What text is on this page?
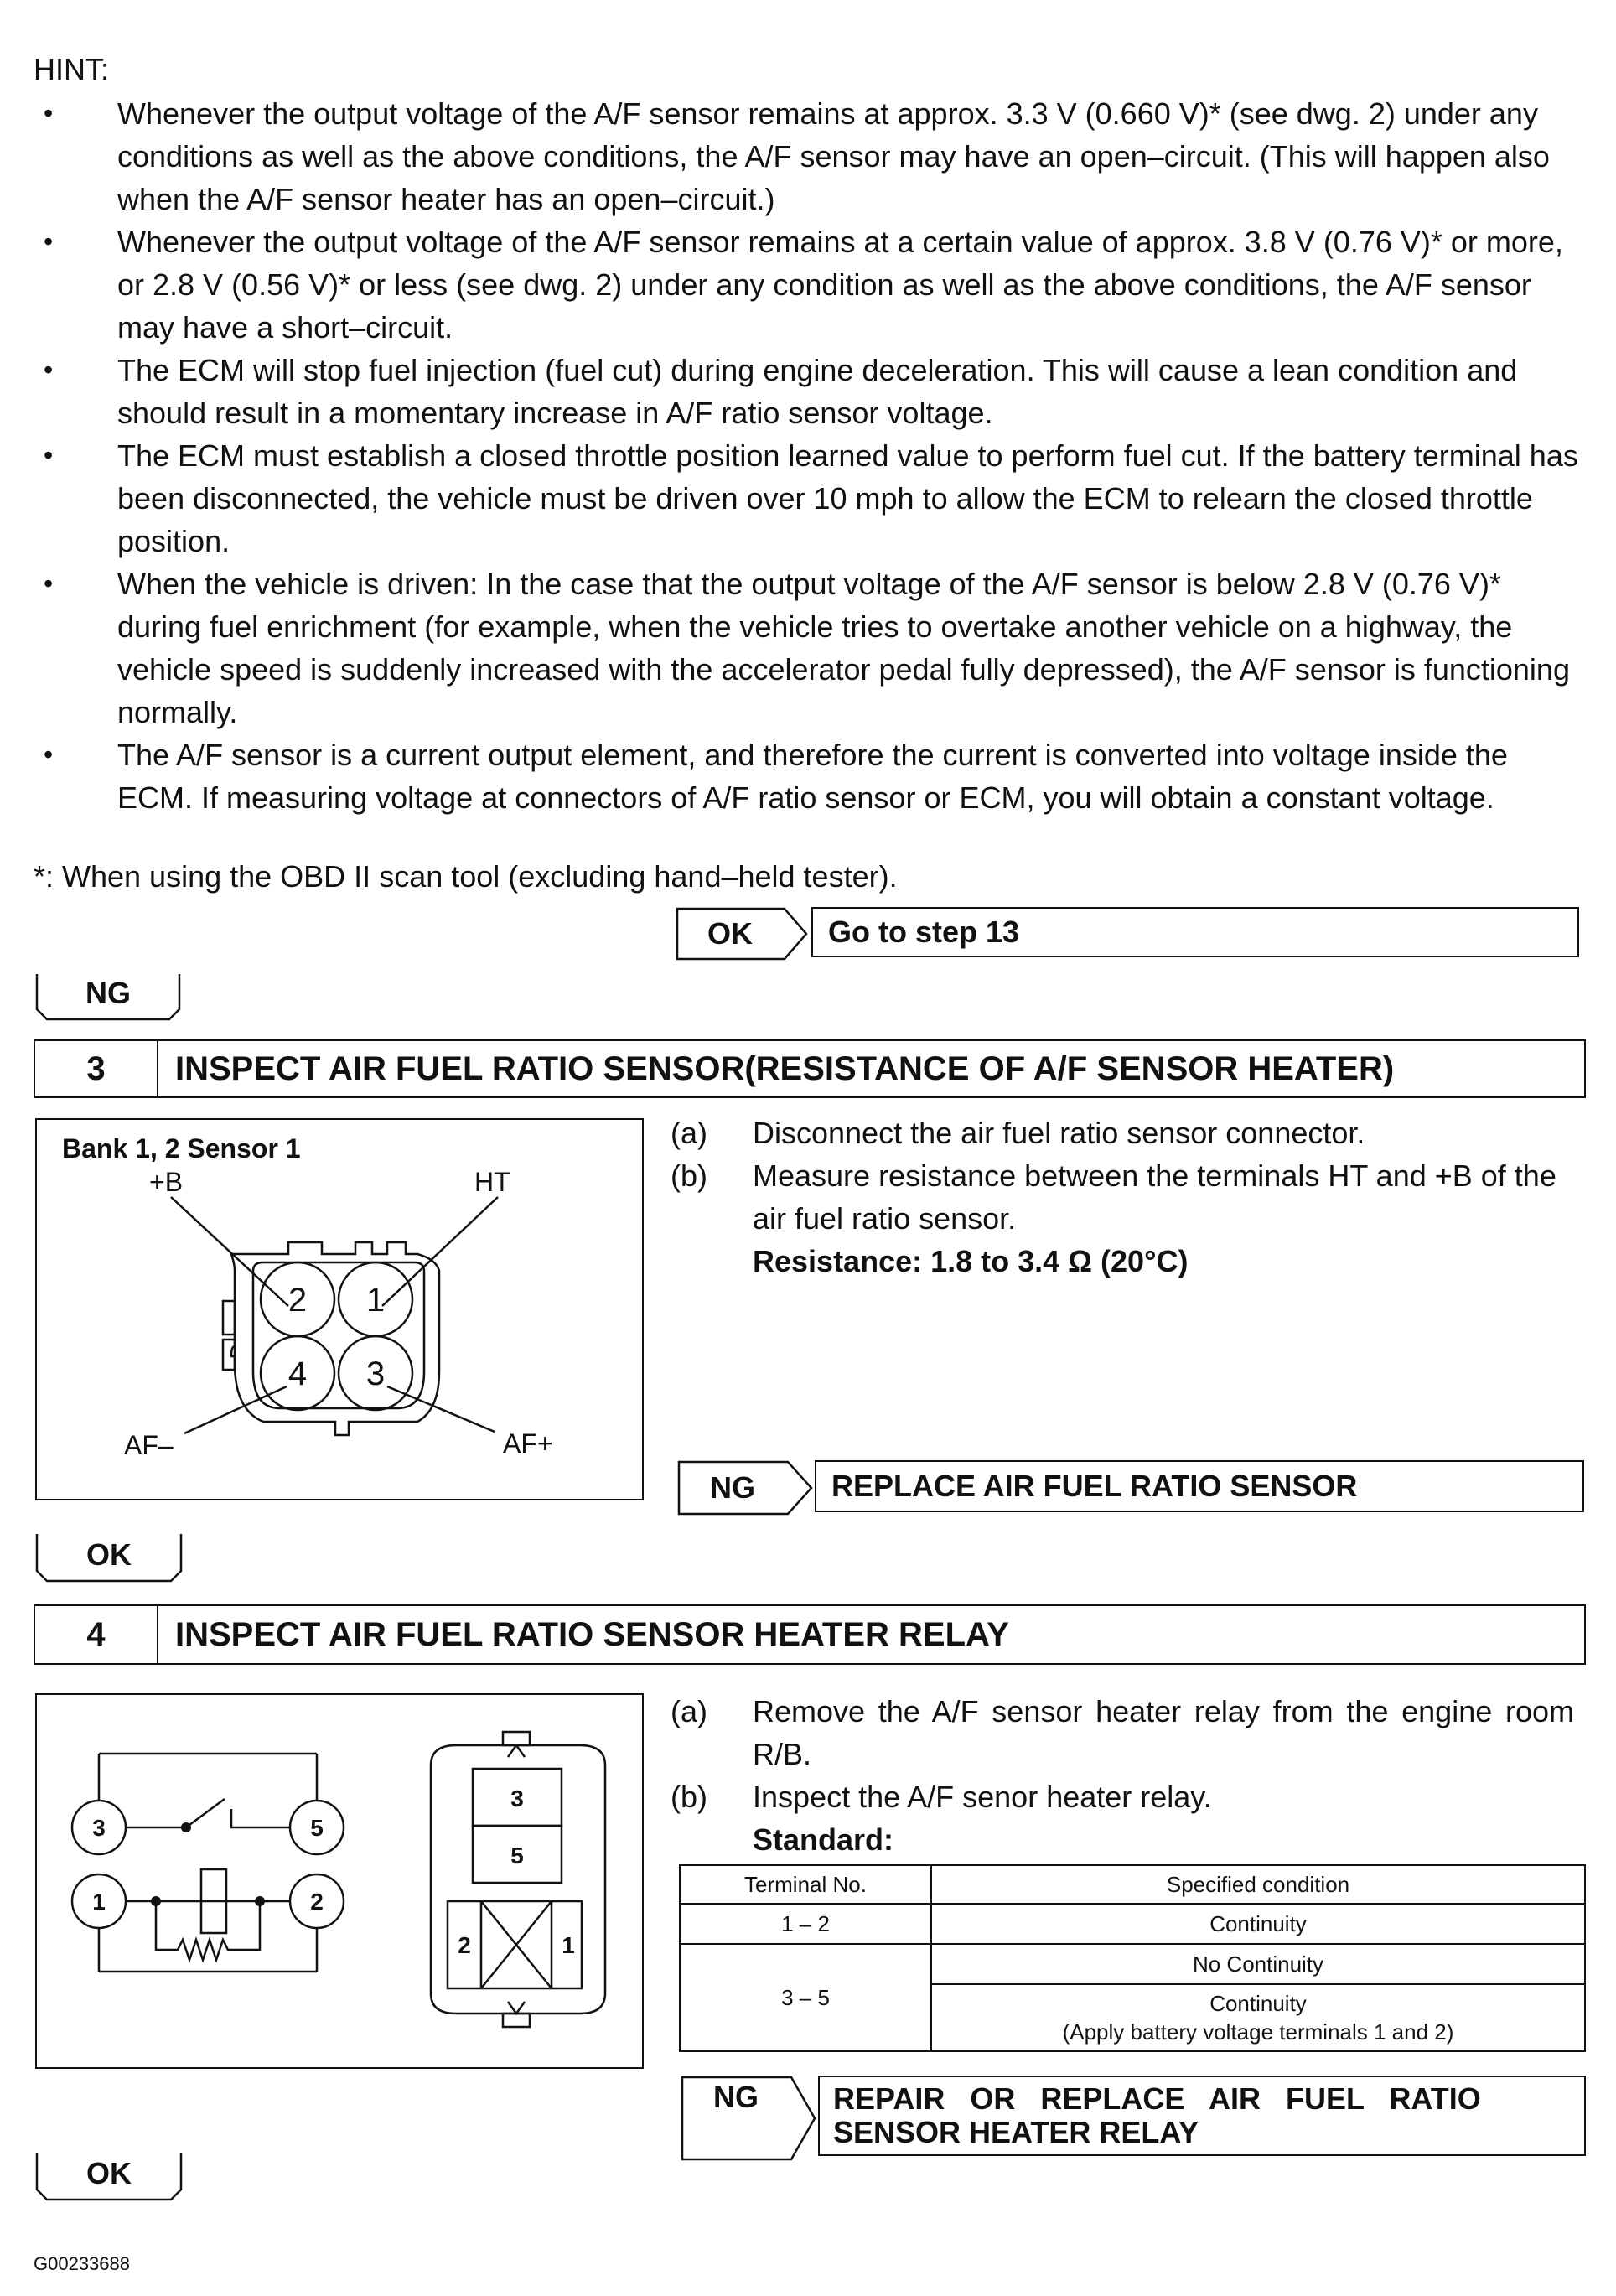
HINT:
• Whenever the output voltage of the A/F sensor remains at approx. 3.3 V (0.660 V)* (see dwg. 2) under any conditions as well as the above conditions, the A/F sensor may have an open–circuit. (This will happen also when the A/F sensor heater has an open–circuit.)
• Whenever the output voltage of the A/F sensor remains at a certain value of approx. 3.8 V (0.76 V)* or more, or 2.8 V (0.56 V)* or less (see dwg. 2) under any condition as well as the above conditions, the A/F sensor may have a short–circuit.
• The ECM will stop fuel injection (fuel cut) during engine deceleration. This will cause a lean condition and should result in a momentary increase in A/F ratio sensor voltage.
• The ECM must establish a closed throttle position learned value to perform fuel cut. If the battery terminal has been disconnected, the vehicle must be driven over 10 mph to allow the ECM to relearn the closed throttle position.
• When the vehicle is driven: In the case that the output voltage of the A/F sensor is below 2.8 V (0.76 V)* during fuel enrichment (for example, when the vehicle tries to overtake another vehicle on a highway, the vehicle speed is suddenly increased with the accelerator pedal fully depressed), the A/F sensor is functioning normally.
• The A/F sensor is a current output element, and therefore the current is converted into voltage inside the ECM. If measuring voltage at connectors of A/F ratio sensor or ECM, you will obtain a constant voltage.
*: When using the OBD II scan tool (excluding hand–held tester).
OK	Go to step 13
NG
3	INSPECT AIR FUEL RATIO SENSOR(RESISTANCE OF A/F SENSOR HEATER)
Bank 1, 2 Sensor 1
+B	HT
AF–	AF+
2 1
4 3
(a)	Disconnect the air fuel ratio sensor connector.
(b)	Measure resistance between the terminals HT and +B of the air fuel ratio sensor.
Resistance: 1.8 to 3.4 Ω (20°C)
NG	REPLACE AIR FUEL RATIO SENSOR
OK
4	INSPECT AIR FUEL RATIO SENSOR HEATER RELAY
3	5
1	2
3
5
2	1
(a)	Remove the A/F sensor heater relay from the engine room R/B.
(b)	Inspect the A/F senor heater relay.
Standard:
Terminal No.	Specified condition
1 – 2	Continuity
3 – 5	No Continuity

	Continuity
(Apply battery voltage terminals 1 and 2)
NG	REPAIR   OR   REPLACE   AIR   FUEL   RATIO
SENSOR HEATER RELAY
OK
G00233688
